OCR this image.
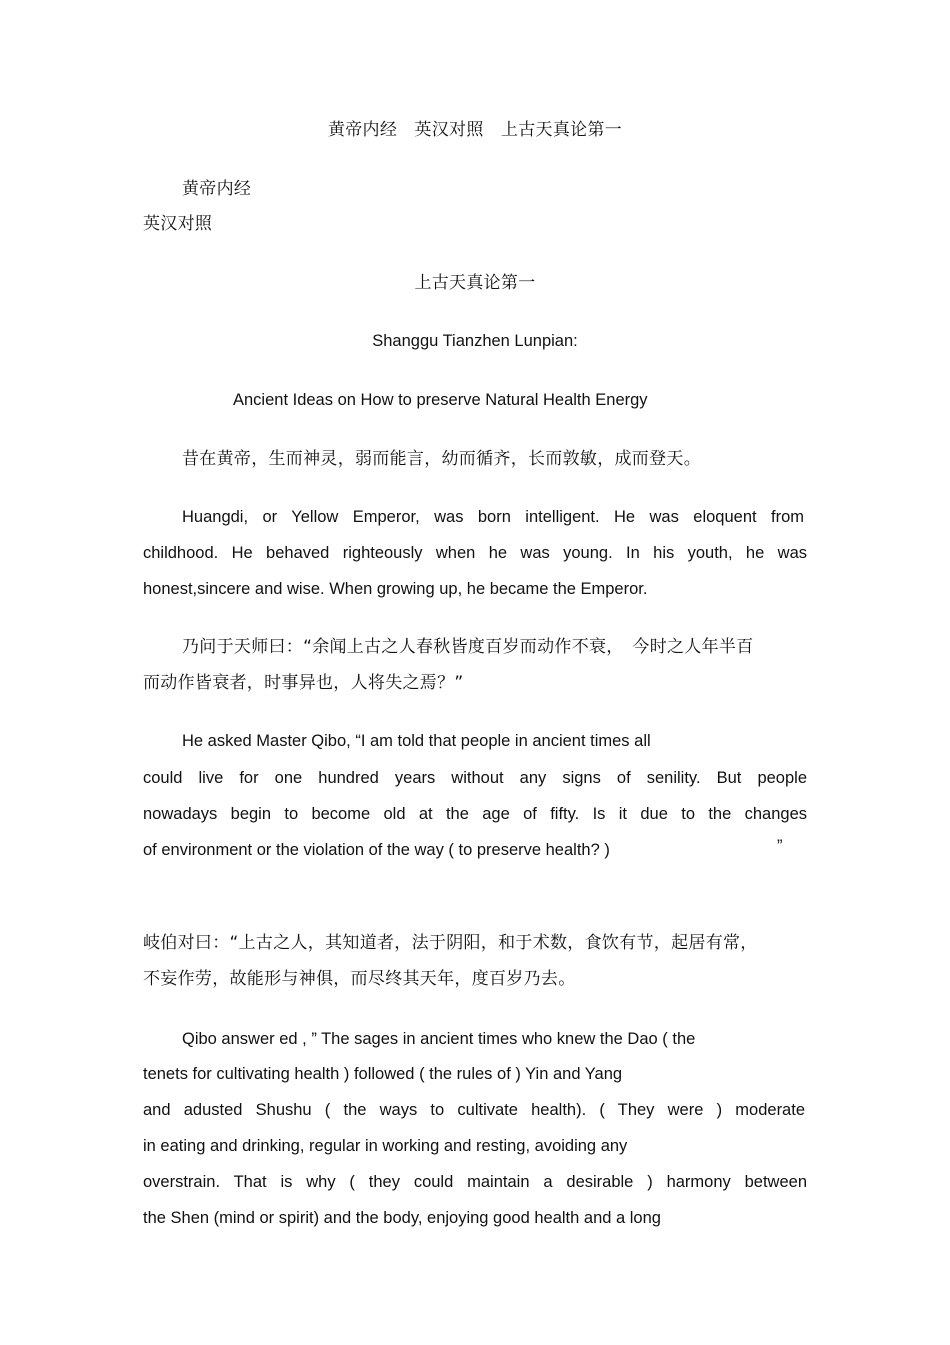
黄帝内经　英汉对照　上古天真论第一
黄帝内经
英汉对照
上古天真论第一
Shanggu Tianzhen Lunpian:
Ancient Ideas on How to preserve Natural Health Energy
昔在黄帝，生而神灵，弱而能言，幼而循齐，长而敦敏，成而登天。
Huangdi, or Yellow Emperor, was born intelligent. He was eloquent from
childhood. He behaved righteously when he was young. In his youth, he was
honest,sincere and wise. When growing up, he became the Emperor.
乃问于天师曰：“余闻上古之人春秋皆度百岁而动作不衰，　今时之人年半百
而动作皆衰者，时事异也，人将失之焉？”
He asked Master Qibo, “I am told that people in ancient times all
could live for one hundred years without any signs of senility. But people
nowadays begin to become old at the age of fifty. Is it due to the changes
of environment or the violation of the way ( to preserve health? )	”
岐伯对曰：“上古之人，其知道者，法于阴阳，和于术数，食饮有节，起居有常，
不妄作劳，故能形与神俱，而尽终其天年，度百岁乃去。
Qibo answer ed , ” The sages in ancient times who knew the Dao ( the
tenets for cultivating health ) followed ( the rules of ) Yin and Yang
and adusted Shushu ( the ways to cultivate health). ( They were ) moderate
in eating and drinking, regular in working and resting, avoiding any
overstrain. That is why ( they could maintain a desirable ) harmony between
the Shen (mind or spirit) and the body, enjoying good health and a long
